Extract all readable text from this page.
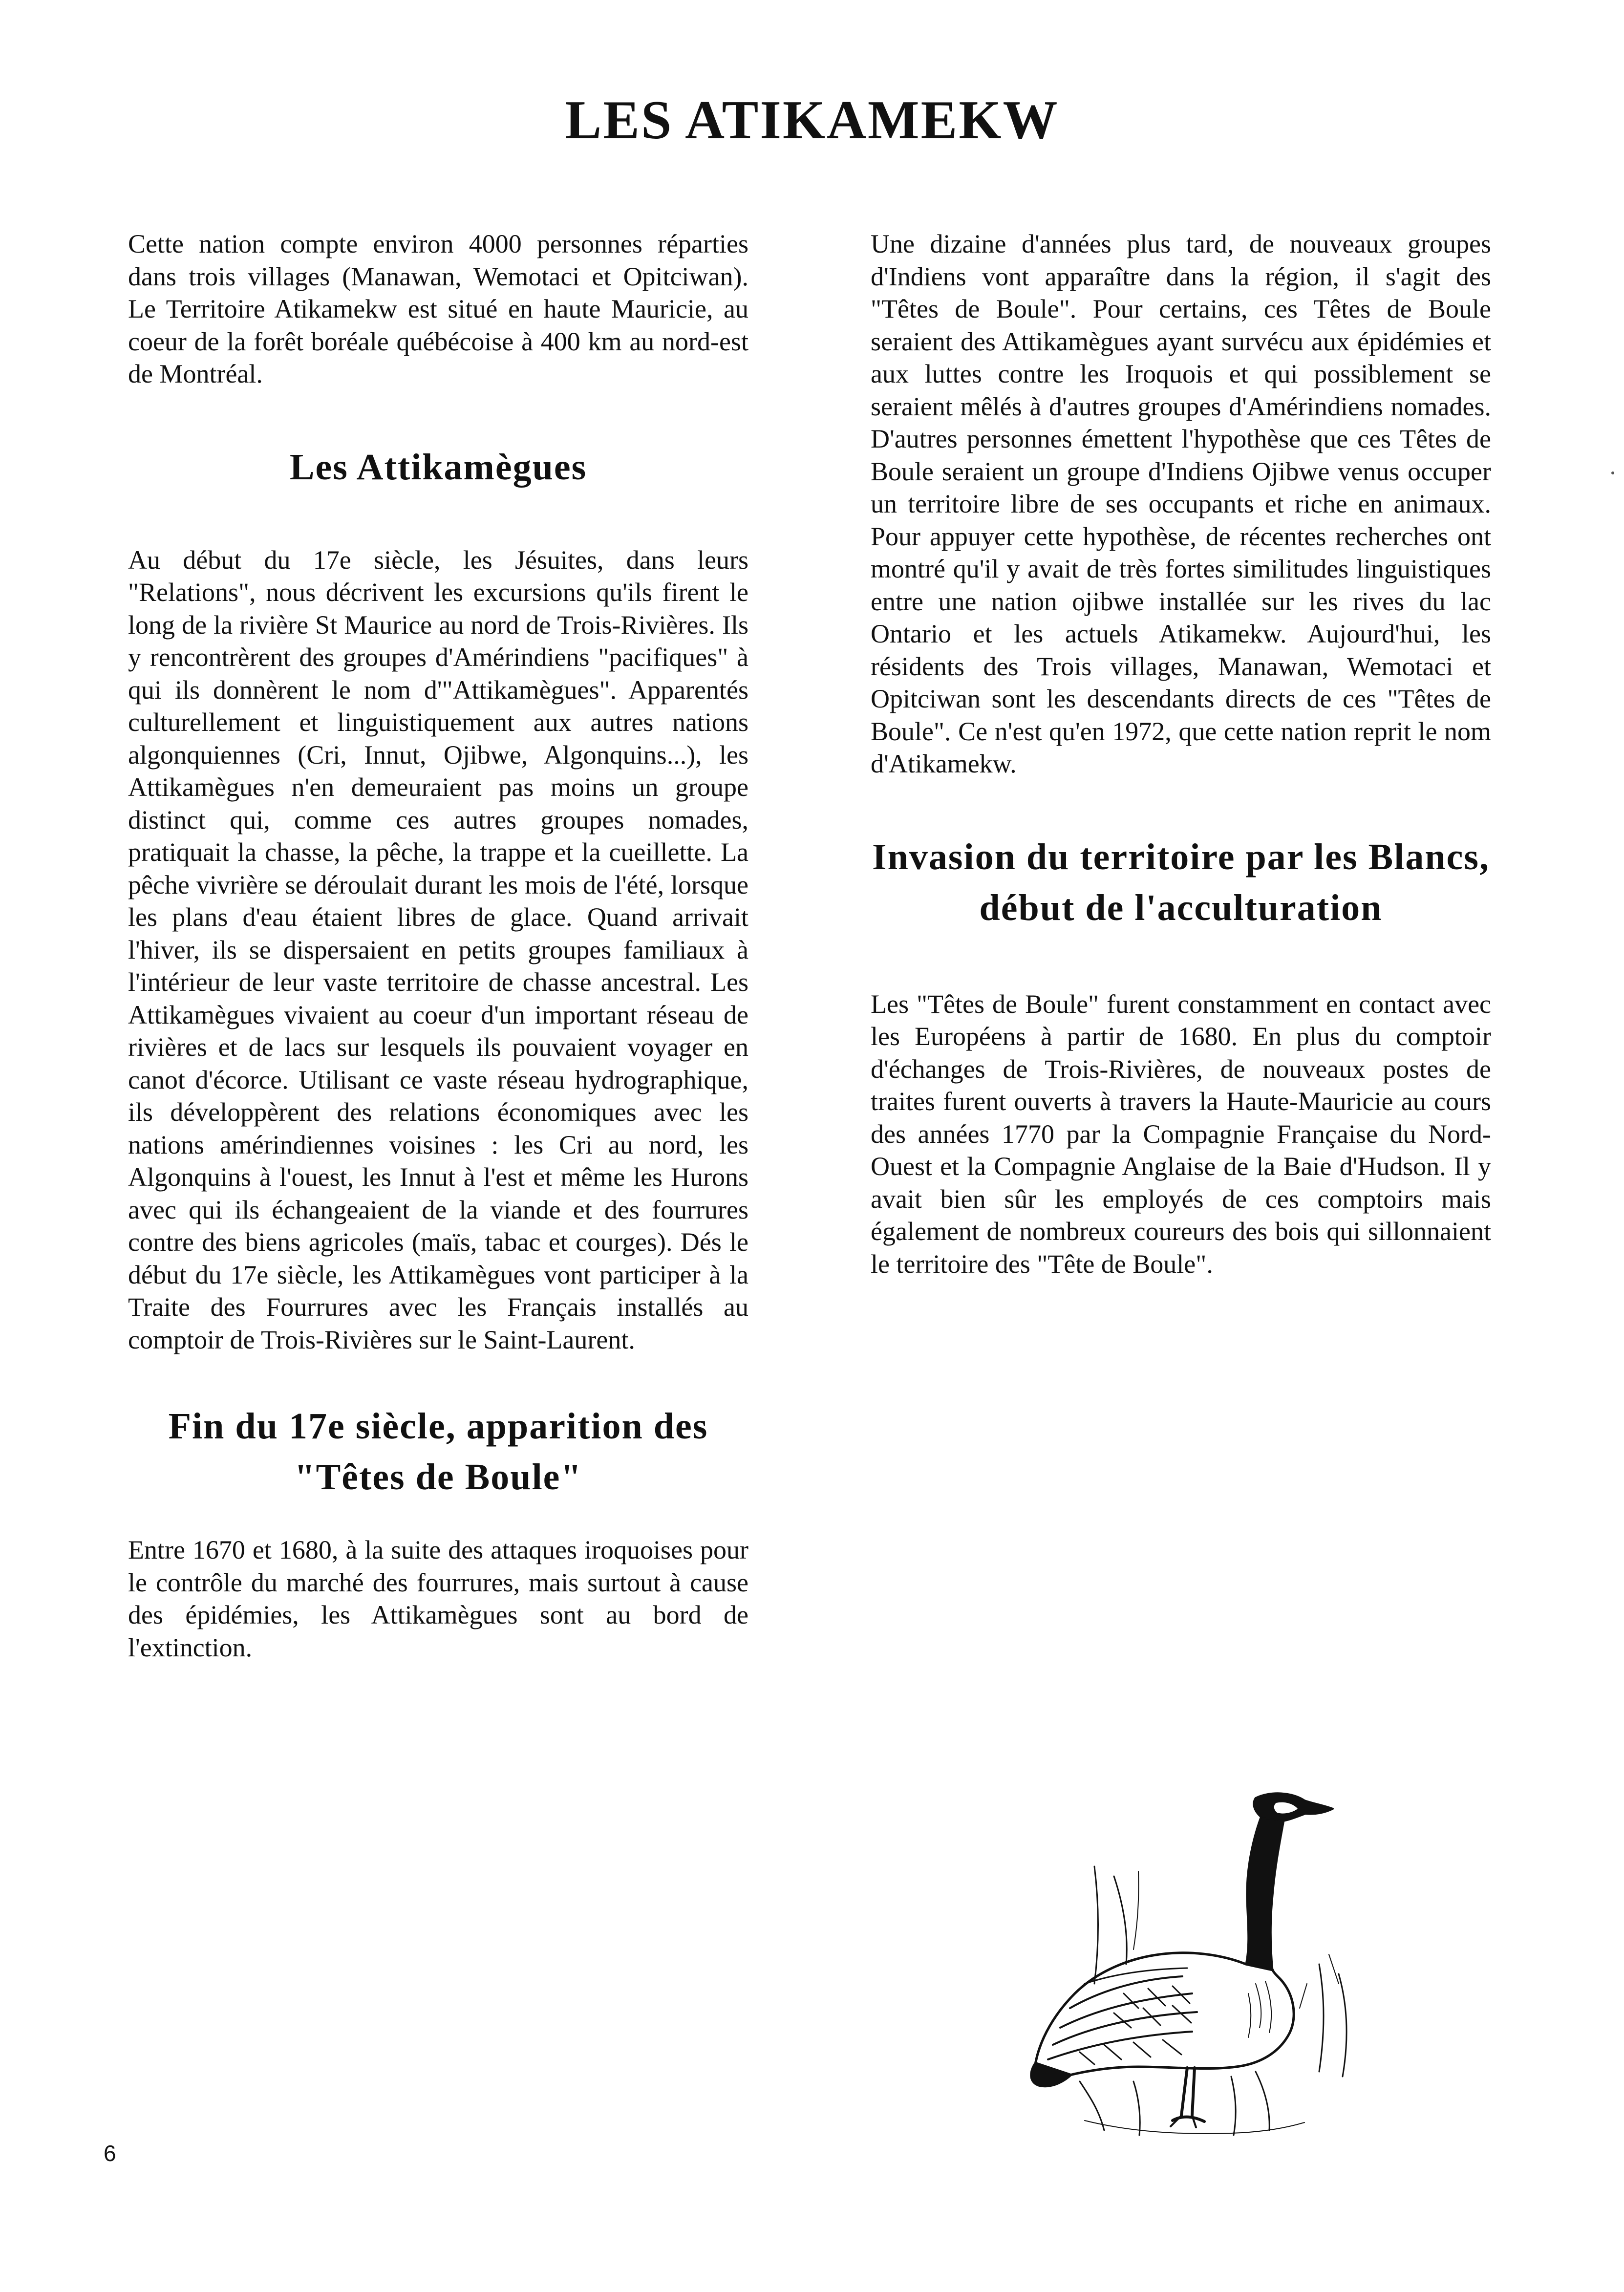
LES ATIKAMEKW

Cette nation compte environ 4000 personnes réparties dans trois villages (Manawan, Wemotaci et Opitciwan). Le Territoire Atikamekw est situé en haute Mauricie, au coeur de la forêt boréale québécoise à 400 km au nord-est de Montréal.

Les Attikamègues

Au début du 17e siècle, les Jésuites, dans leurs "Relations", nous décrivent les excursions qu'ils firent le long de la rivière St Maurice au nord de Trois-Rivières. Ils y rencontrèrent des groupes d'Amérindiens "pacifiques" à qui ils donnèrent le nom d'"Attikamègues". Apparentés culturellement et linguistiquement aux autres nations algonquiennes (Cri, Innut, Ojibwe, Algonquins...), les Attikamègues n'en demeuraient pas moins un groupe distinct qui, comme ces autres groupes nomades, pratiquait la chasse, la pêche, la trappe et la cueillette. La pêche vivrière se déroulait durant les mois de l'été, lorsque les plans d'eau étaient libres de glace. Quand arrivait l'hiver, ils se dispersaient en petits groupes familiaux à l'intérieur de leur vaste territoire de chasse ancestral. Les Attikamègues vivaient au coeur d'un important réseau de rivières et de lacs sur lesquels ils pouvaient voyager en canot d'écorce. Utilisant ce vaste réseau hydrographique, ils développèrent des relations économiques avec les nations amérindiennes voisines : les Cri au nord, les Algonquins à l'ouest, les Innut à l'est et même les Hurons avec qui ils échangeaient de la viande et des fourrures contre des biens agricoles (maïs, tabac et courges). Dés le début du 17e siècle, les Attikamègues vont participer à la Traite des Fourrures avec les Français installés au comptoir de Trois-Rivières sur le Saint-Laurent.

Fin du 17e siècle, apparition des "Têtes de Boule"

Entre 1670 et 1680, à la suite des attaques iroquoises pour le contrôle du marché des fourrures, mais surtout à cause des épidémies, les Attikamègues sont au bord de l'extinction.

Une dizaine d'années plus tard, de nouveaux groupes d'Indiens vont apparaître dans la région, il s'agit des "Têtes de Boule". Pour certains, ces Têtes de Boule seraient des Attikamègues ayant survécu aux épidémies et aux luttes contre les Iroquois et qui possiblement se seraient mêlés à d'autres groupes d'Amérindiens nomades. D'autres personnes émettent l'hypothèse que ces Têtes de Boule seraient un groupe d'Indiens Ojibwe venus occuper un territoire libre de ses occupants et riche en animaux. Pour appuyer cette hypothèse, de récentes recherches ont montré qu'il y avait de très fortes similitudes linguistiques entre une nation ojibwe installée sur les rives du lac Ontario et les actuels Atikamekw. Aujourd'hui, les résidents des Trois villages, Manawan, Wemotaci et Opitciwan sont les descendants directs de ces "Têtes de Boule". Ce n'est qu'en 1972, que cette nation reprit le nom d'Atikamekw.

Invasion du territoire par les Blancs, début de l'acculturation

Les "Têtes de Boule" furent constamment en contact avec les Européens à partir de 1680. En plus du comptoir d'échanges de Trois-Rivières, de nouveaux postes de traites furent ouverts à travers la Haute-Mauricie au cours des années 1770 par la Compagnie Française du Nord-Ouest et la Compagnie Anglaise de la Baie d'Hudson. Il y avait bien sûr les employés de ces comptoirs mais également de nombreux coureurs des bois qui sillonnaient le territoire des "Tête de Boule".

6
